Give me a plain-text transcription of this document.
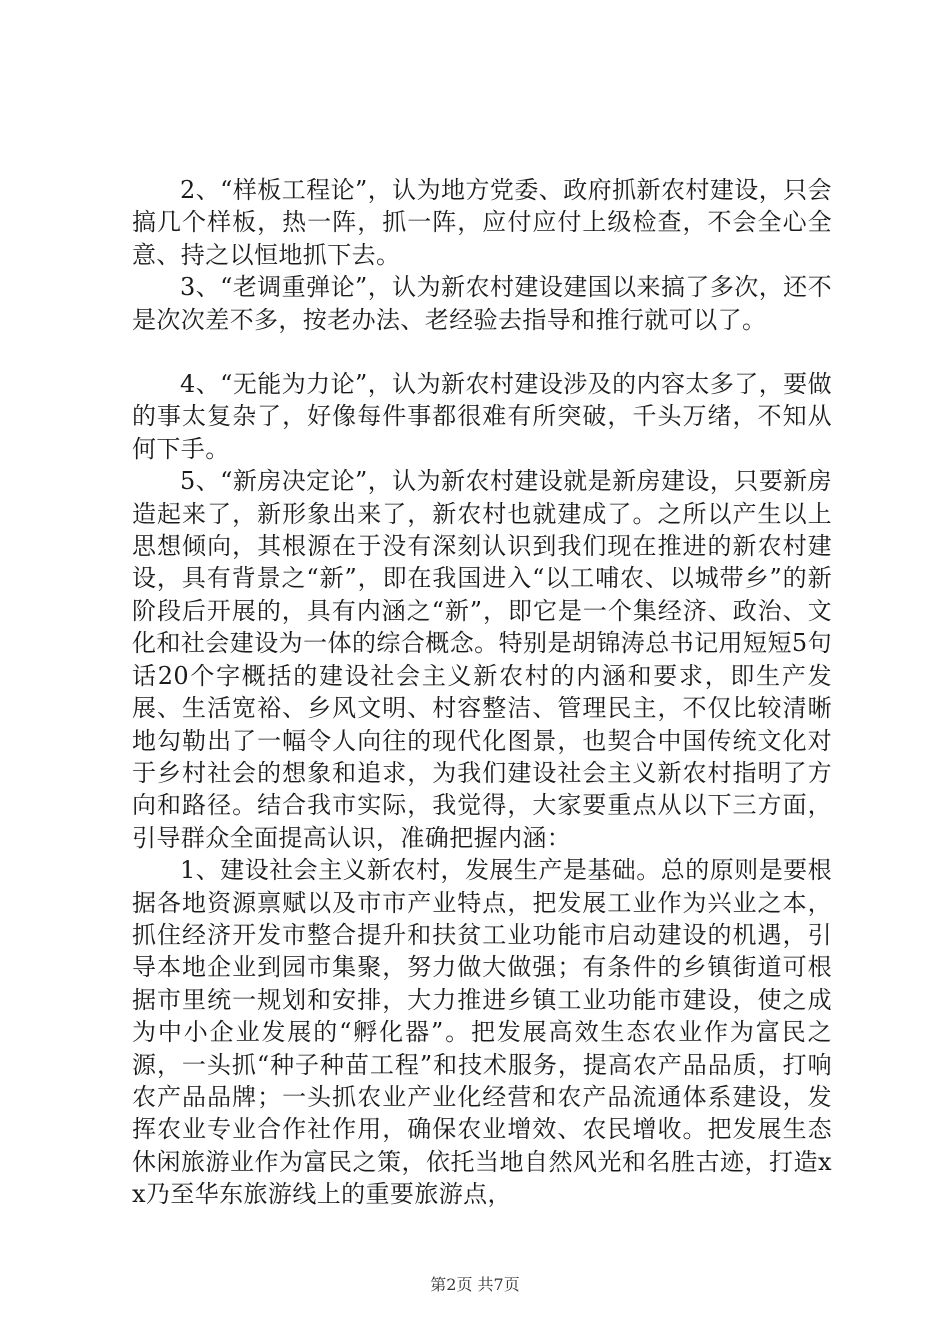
2、“样板工程论”，认为地方党委、政府抓新农村建设，只会搞几个样板，热一阵，抓一阵，应付应付上级检查，不会全心全意、持之以恒地抓下去。

3、“老调重弹论”，认为新农村建设建国以来搞了多次，还不是次次差不多，按老办法、老经验去指导和推行就可以了。

4、“无能为力论”，认为新农村建设涉及的内容太多了，要做的事太复杂了，好像每件事都很难有所突破，千头万绪，不知从何下手。

5、“新房决定论”，认为新农村建设就是新房建设，只要新房造起来了，新形象出来了，新农村也就建成了。之所以产生以上思想倾向，其根源在于没有深刻认识到我们现在推进的新农村建设，具有背景之“新”，即在我国进入“以工哺农、以城带乡”的新阶段后开展的，具有内涵之“新”，即它是一个集经济、政治、文化和社会建设为一体的综合概念。特别是胡锦涛总书记用短短5句话20个字概括的建设社会主义新农村的内涵和要求，即生产发展、生活宽裕、乡风文明、村容整洁、管理民主，不仅比较清晰地勾勒出了一幅令人向往的现代化图景，也契合中国传统文化对于乡村社会的想象和追求，为我们建设社会主义新农村指明了方向和路径。结合我市实际，我觉得，大家要重点从以下三方面，引导群众全面提高认识，准确把握内涵：

1、建设社会主义新农村，发展生产是基础。总的原则是要根据各地资源禀赋以及市市产业特点，把发展工业作为兴业之本，抓住经济开发市整合提升和扶贫工业功能市启动建设的机遇，引导本地企业到园市集聚，努力做大做强；有条件的乡镇街道可根据市里统一规划和安排，大力推进乡镇工业功能市建设，使之成为中小企业发展的“孵化器”。把发展高效生态农业作为富民之源，一头抓“种子种苗工程”和技术服务，提高农产品品质，打响农产品品牌；一头抓农业产业化经营和农产品流通体系建设，发挥农业专业合作社作用，确保农业增效、农民增收。把发展生态休闲旅游业作为富民之策，依托当地自然风光和名胜古迹，打造xx乃至华东旅游线上的重要旅游点，

第2页 共7页
